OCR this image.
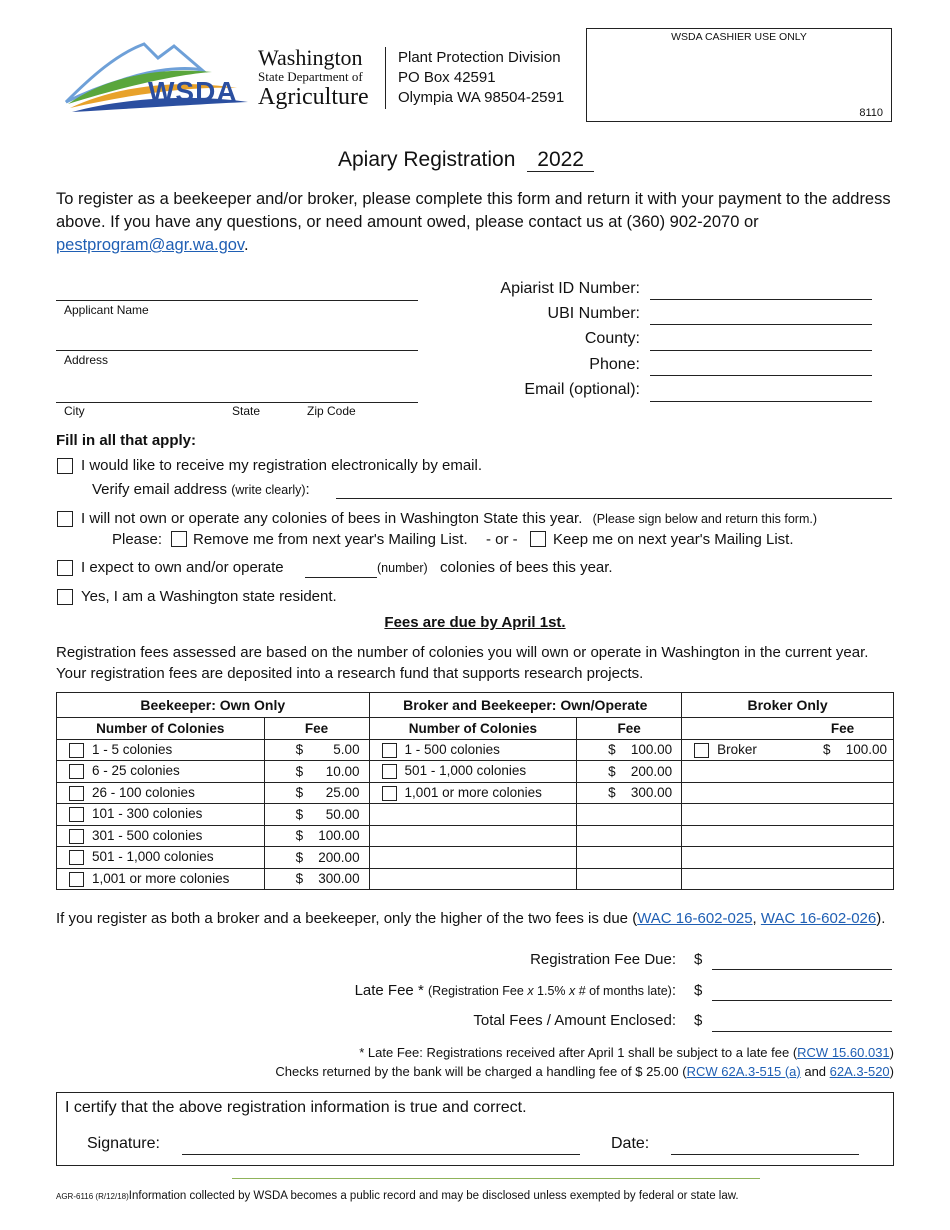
WSDA
Washington
State Department of
Agriculture
Plant Protection Division
PO Box 42591
Olympia WA 98504-2591
WSDA CASHIER USE ONLY
8110
Apiary Registration 2022
To register as a beekeeper and/or broker, please complete this form and return it with your payment to the address above. If you have any questions, or need amount owed, please contact us at (360) 902-2070 or pestprogram@agr.wa.gov.
Applicant Name
Address
City	State	Zip Code
Apiarist ID Number:
UBI Number:
County:
Phone:
Email (optional):
Fill in all that apply:
I would like to receive my registration electronically by email.
Verify email address (write clearly):
I will not own or operate any colonies of bees in Washington State this year. (Please sign below and return this form.)
Please: Remove me from next year's Mailing List. - or - Keep me on next year's Mailing List.
I expect to own and/or operate	(number) colonies of bees this year.
Yes, I am a Washington state resident.
Fees are due by April 1st.
Registration fees assessed are based on the number of colonies you will own or operate in Washington in the current year. Your registration fees are deposited into a research fund that supports research projects.
Beekeeper: Own Only		Broker and Beekeeper: Own/Operate		Broker Only	
Number of Colonies	Fee	Number of Colonies	Fee		Fee
1 - 5 colonies	$ 5.00	1 - 500 colonies	$ 100.00	Broker	$ 100.00
6 - 25 colonies	$ 10.00	501 - 1,000 colonies	$ 200.00		
26 - 100 colonies	$ 25.00	1,001 or more colonies	$ 300.00		
101 - 300 colonies	$ 50.00				
301 - 500 colonies	$ 100.00				
501 - 1,000 colonies	$ 200.00				
1,001 or more colonies	$ 300.00				
If you register as both a broker and a beekeeper, only the higher of the two fees is due (WAC 16-602-025, WAC 16-602-026).
Registration Fee Due: $
Late Fee * (Registration Fee x 1.5% x # of months late): $
Total Fees / Amount Enclosed: $
* Late Fee: Registrations received after April 1 shall be subject to a late fee (RCW 15.60.031)
Checks returned by the bank will be charged a handling fee of $ 25.00 (RCW 62A.3-515 (a) and 62A.3-520)
I certify that the above registration information is true and correct.
Signature:	Date:
AGR-6116 (R/12/18)Information collected by WSDA becomes a public record and may be disclosed unless exempted by federal or state law.
